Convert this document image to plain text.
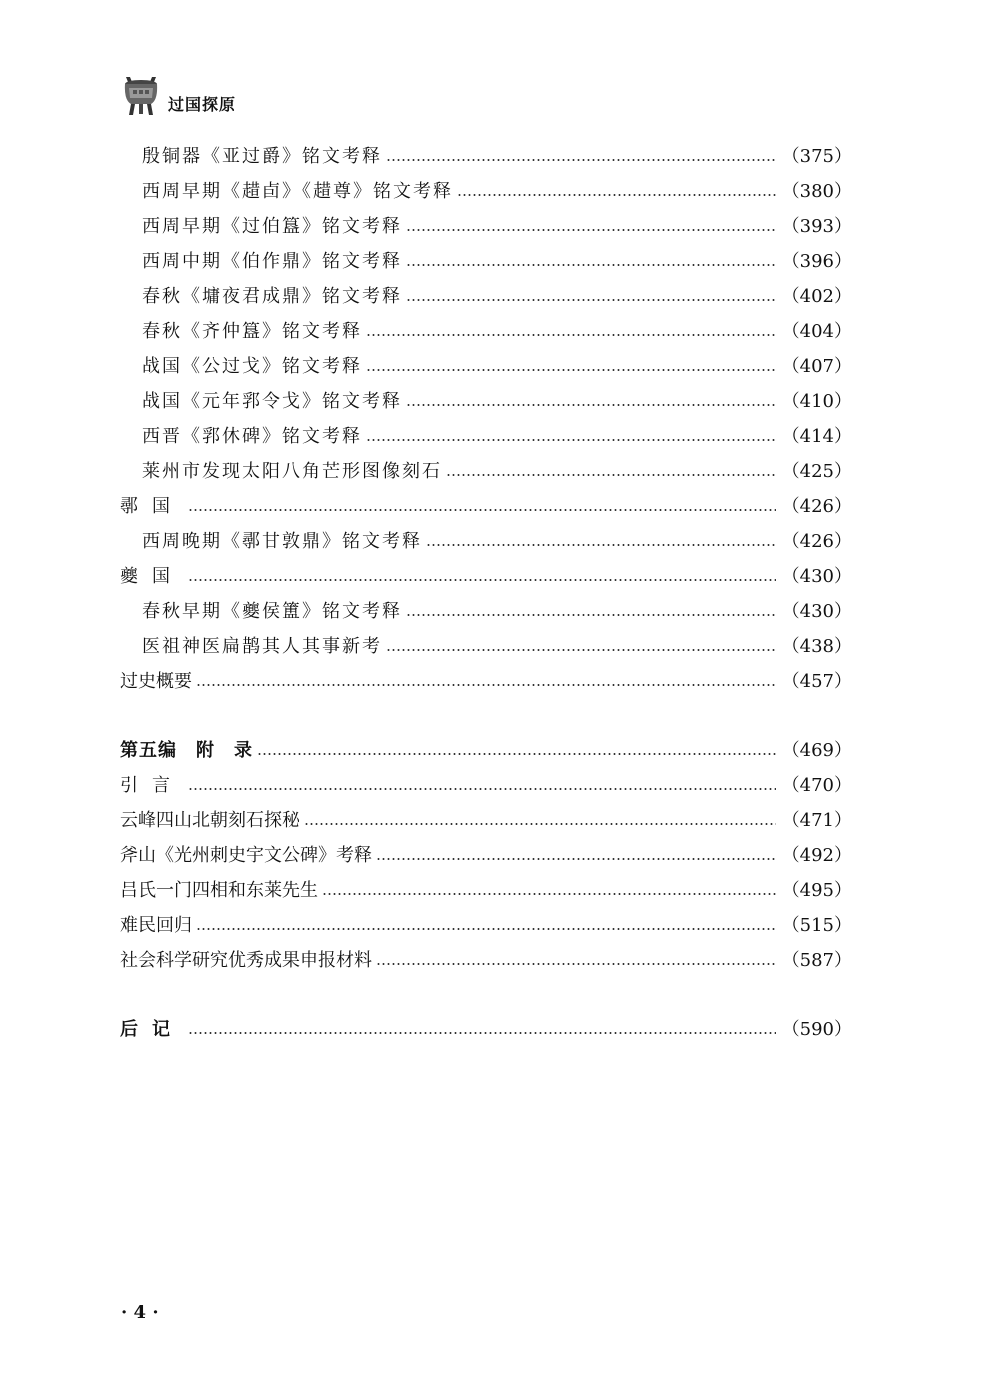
过国探原
殷铜器《亚过爵》铭文考释	（375）
西周早期《趞卣》《趞尊》铭文考释	（380）
西周早期《过伯簋》铭文考释	（393）
西周中期《伯作鼎》铭文考释	（396）
春秋《墉夜君成鼎》铭文考释	（402）
春秋《齐仲簋》铭文考释	（404）
战国《公过戈》铭文考释	（407）
战国《元年郛令戈》铭文考释	（410）
西晋《郛休碑》铭文考释	（414）
莱州市发现太阳八角芒形图像刻石	（425）
鄩国	（426）
西周晚期《鄩甘敦鼎》铭文考释	（426）
夔国	（430）
春秋早期《夔侯簠》铭文考释	（430）
医祖神医扁鹊其人其事新考	（438）
过史概要	（457）
第五编　附　录	（469）
引言	（470）
云峰四山北朝刻石探秘	（471）
斧山《光州刺史宇文公碑》考释	（492）
吕氏一门四相和东莱先生	（495）
难民回归	（515）
社会科学研究优秀成果申报材料	（587）
后记	（590）
· 4 ·
